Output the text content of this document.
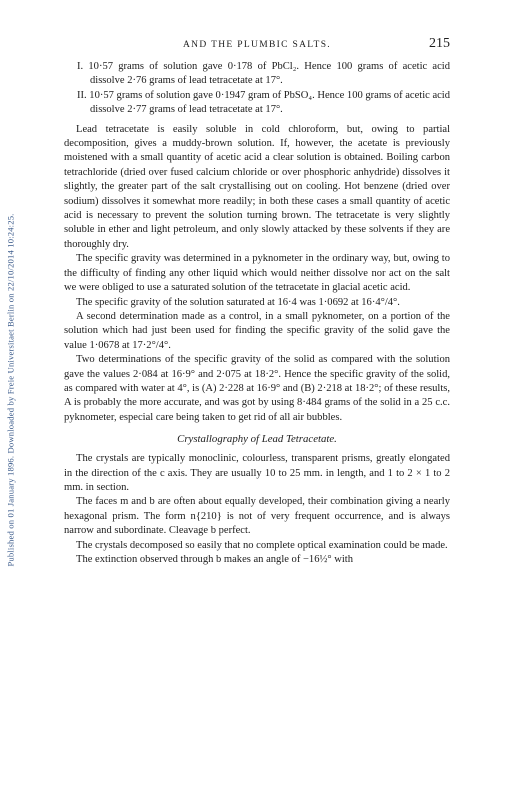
Published on 01 January 1896. Downloaded by Freie Universitaet Berlin on 22/10/2014 10:24:25.
AND THE PLUMBIC SALTS.	215

I. 10·57 grams of solution gave 0·178 of PbCl₂. Hence 100 grams of acetic acid dissolve 2·76 grams of lead tetracetate at 17°.

II. 10·57 grams of solution gave 0·1947 gram of PbSO₄. Hence 100 grams of acetic acid dissolve 2·77 grams of lead tetracetate at 17°.

Lead tetracetate is easily soluble in cold chloroform, but, owing to partial decomposition, gives a muddy-brown solution. If, however, the acetate is previously moistened with a small quantity of acetic acid a clear solution is obtained. Boiling carbon tetrachloride (dried over fused calcium chloride or over phosphoric anhydride) dissolves it slightly, the greater part of the salt crystallising out on cooling. Hot benzene (dried over sodium) dissolves it somewhat more readily; in both these cases a small quantity of acetic acid is necessary to prevent the solution turning brown. The tetracetate is very slightly soluble in ether and light petroleum, and only slowly attacked by these solvents if they are thoroughly dry.

The specific gravity was determined in a pyknometer in the ordinary way, but, owing to the difficulty of finding any other liquid which would neither dissolve nor act on the salt we were obliged to use a saturated solution of the tetracetate in glacial acetic acid.

The specific gravity of the solution saturated at 16·4 was 1·0692 at 16·4°/4°.

A second determination made as a control, in a small pyknometer, on a portion of the solution which had just been used for finding the specific gravity of the solid gave the value 1·0678 at 17·2°/4°.

Two determinations of the specific gravity of the solid as compared with the solution gave the values 2·084 at 16·9° and 2·075 at 18·2°. Hence the specific gravity of the solid, as compared with water at 4°, is (A) 2·228 at 16·9° and (B) 2·218 at 18·2°; of these results, A is probably the more accurate, and was got by using 8·484 grams of the solid in a 25 c.c. pyknometer, especial care being taken to get rid of all air bubbles.

Crystallography of Lead Tetracetate.

The crystals are typically monoclinic, colourless, transparent prisms, greatly elongated in the direction of the c axis. They are usually 10 to 25 mm. in length, and 1 to 2 × 1 to 2 mm. in section.

The faces m and b are often about equally developed, their combination giving a nearly hexagonal prism. The form n{210} is not of very frequent occurrence, and is always narrow and subordinate. Cleavage b perfect.

The crystals decomposed so easily that no complete optical examination could be made.

The extinction observed through b makes an angle of −16½° with
